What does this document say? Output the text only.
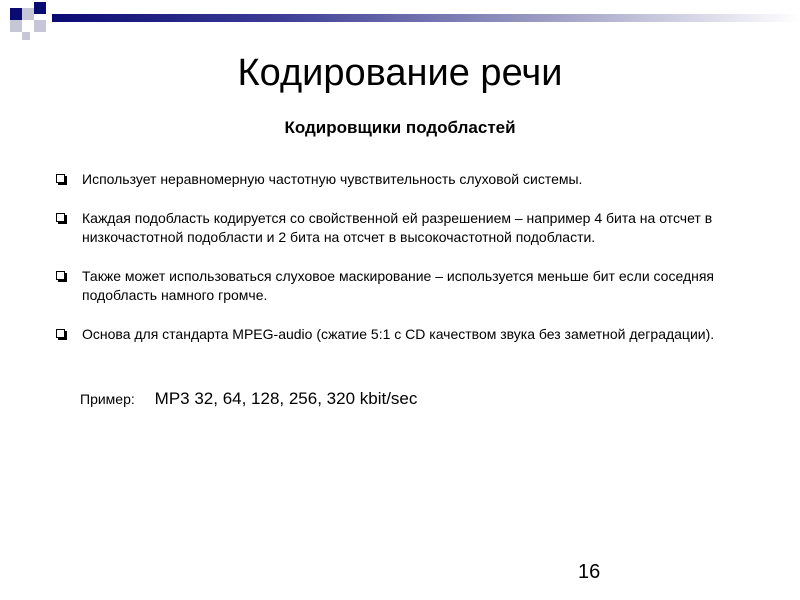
Кодирование речи
Кодировщики подобластей
Использует неравномерную частотную чувствительность слуховой системы.
Каждая подобласть кодируется со свойственной ей разрешением – например 4 бита на отсчет в низкочастотной подобласти и 2 бита на отсчет в высокочастотной подобласти.
Также может использоваться слуховое маскирование – используется меньше бит если соседняя подобласть намного громче.
Основа для стандарта MPEG-audio (сжатие 5:1 с CD качеством звука без заметной деградации).
Пример: MP3 32, 64, 128, 256, 320 kbit/sec
16
